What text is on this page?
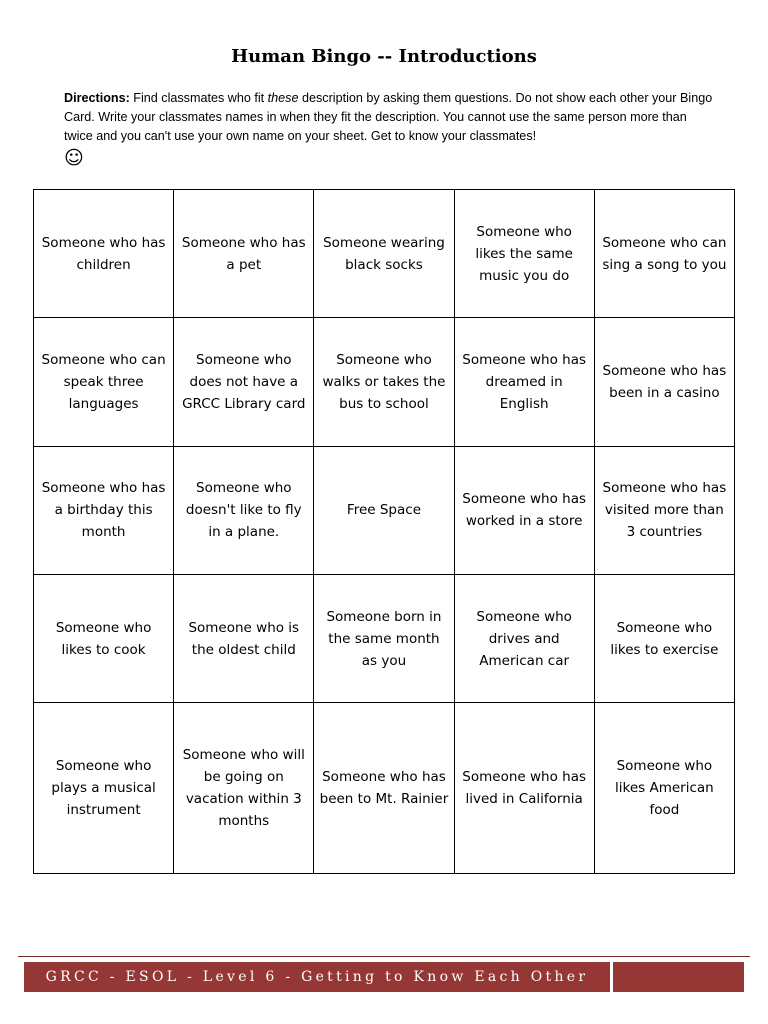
Human Bingo -- Introductions
Directions: Find classmates who fit these description by asking them questions. Do not show each other your Bingo Card. Write your classmates names in when they fit the description. You cannot use the same person more than twice and you can't use your own name on your sheet. Get to know your classmates!
☺
Someone who has children	Someone who has a pet	Someone wearing black socks	Someone who likes the same music you do	Someone who can sing a song to you
Someone who can speak three languages	Someone who does not have a GRCC Library card	Someone who walks or takes the bus to school	Someone who has dreamed in English	Someone who has been in a casino
Someone who has a birthday this month	Someone who doesn't like to fly in a plane.	Free Space	Someone who has worked in a store	Someone who has visited more than 3 countries
Someone who likes to cook	Someone who is the oldest child	Someone born in the same month as you	Someone who drives and American car	Someone who likes to exercise
Someone who plays a musical instrument	Someone who will be going on vacation within 3 months	Someone who has been to Mt. Rainier	Someone who has lived in California	Someone who likes American food
GRCC - ESOL - Level 6 - Getting to Know Each Other
